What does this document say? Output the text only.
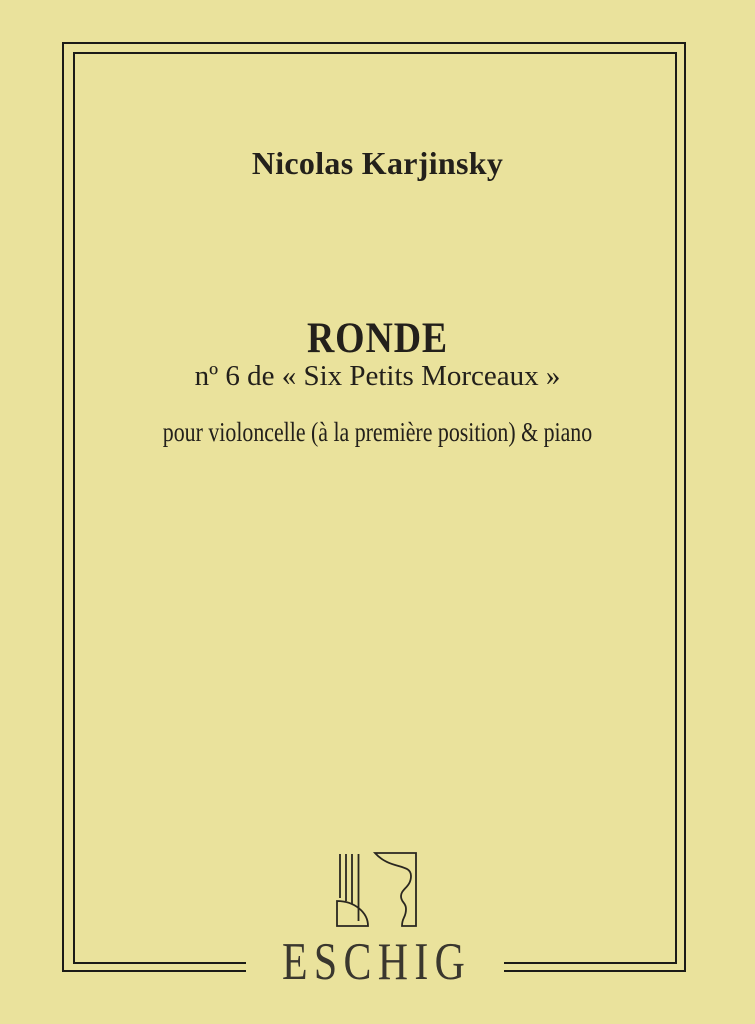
Nicolas Karjinsky
RONDE
nº 6 de « Six Petits Morceaux »
pour violoncelle (à la première position) & piano
ESCHIG
